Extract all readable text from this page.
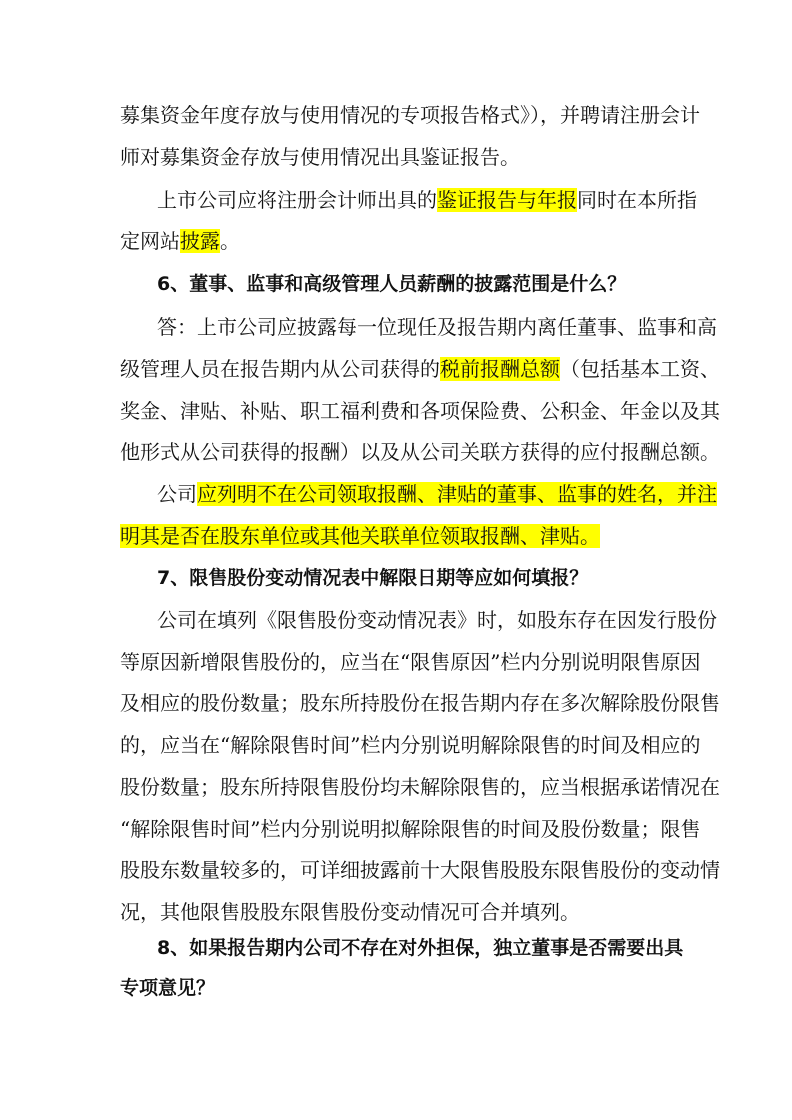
募集资金年度存放与使用情况的专项报告格式》），并聘请注册会计
师对募集资金存放与使用情况出具鉴证报告。
上市公司应将注册会计师出具的鉴证报告与年报同时在本所指
定网站披露。
6、董事、监事和高级管理人员薪酬的披露范围是什么？
答：上市公司应披露每一位现任及报告期内离任董事、监事和高
级管理人员在报告期内从公司获得的税前报酬总额（包括基本工资、
奖金、津贴、补贴、职工福利费和各项保险费、公积金、年金以及其
他形式从公司获得的报酬）以及从公司关联方获得的应付报酬总额。
公司应列明不在公司领取报酬、津贴的董事、监事的姓名，并注
明其是否在股东单位或其他关联单位领取报酬、津贴。
7、限售股份变动情况表中解限日期等应如何填报？
公司在填列《限售股份变动情况表》时，如股东存在因发行股份
等原因新增限售股份的，应当在“限售原因”栏内分别说明限售原因
及相应的股份数量；股东所持股份在报告期内存在多次解除股份限售
的，应当在“解除限售时间”栏内分别说明解除限售的时间及相应的
股份数量；股东所持限售股份均未解除限售的，应当根据承诺情况在
“解除限售时间”栏内分别说明拟解除限售的时间及股份数量；限售
股股东数量较多的，可详细披露前十大限售股股东限售股份的变动情
况，其他限售股股东限售股份变动情况可合并填列。
8、如果报告期内公司不存在对外担保，独立董事是否需要出具
专项意见？
